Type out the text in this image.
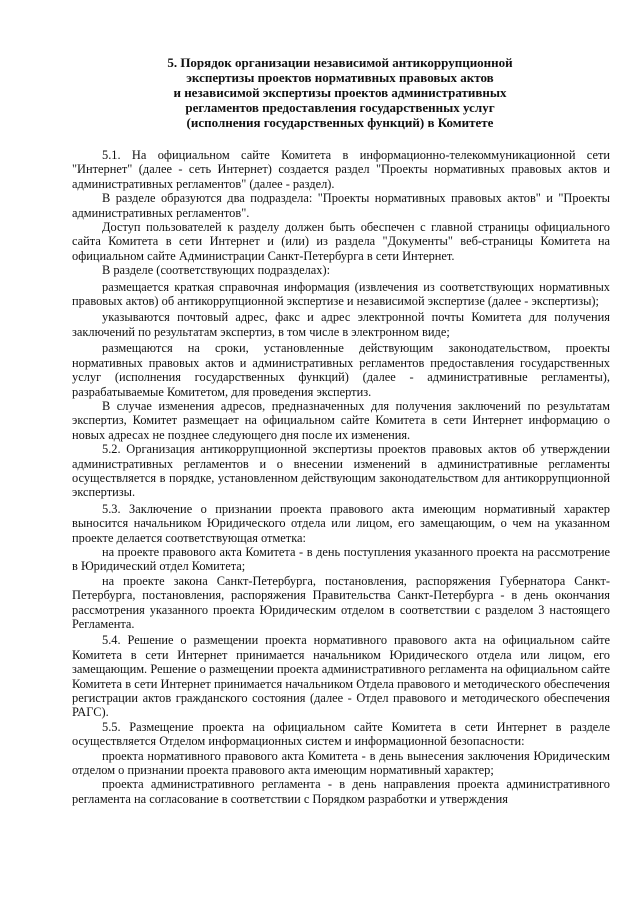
5. Порядок организации независимой антикоррупционной
экспертизы проектов нормативных правовых актов
и независимой экспертизы проектов административных
регламентов предоставления государственных услуг
(исполнения государственных функций) в Комитете

5.1. На официальном сайте Комитета в информационно-телекоммуникационной сети "Интернет" (далее - сеть Интернет) создается раздел "Проекты нормативных правовых актов и административных регламентов" (далее - раздел).

В разделе образуются два подраздела: "Проекты нормативных правовых актов" и "Проекты административных регламентов".

Доступ пользователей к разделу должен быть обеспечен с главной страницы официального сайта Комитета в сети Интернет и (или) из раздела "Документы" веб-страницы Комитета на официальном сайте Администрации Санкт-Петербурга в сети Интернет.

В разделе (соответствующих подразделах):

размещается краткая справочная информация (извлечения из соответствующих нормативных правовых актов) об антикоррупционной экспертизе и независимой экспертизе (далее - экспертизы);

указываются почтовый адрес, факс и адрес электронной почты Комитета для получения заключений по результатам экспертиз, в том числе в электронном виде;

размещаются на сроки, установленные действующим законодательством, проекты нормативных правовых актов и административных регламентов предоставления государственных услуг (исполнения государственных функций) (далее - административные регламенты), разрабатываемые Комитетом, для проведения экспертиз.

В случае изменения адресов, предназначенных для получения заключений по результатам экспертиз, Комитет размещает на официальном сайте Комитета в сети Интернет информацию о новых адресах не позднее следующего дня после их изменения.

5.2. Организация антикоррупционной экспертизы проектов правовых актов об утверждении административных регламентов и о внесении изменений в административные регламенты осуществляется в порядке, установленном действующим законодательством для антикоррупционной экспертизы.

5.3. Заключение о признании проекта правового акта имеющим нормативный характер выносится начальником Юридического отдела или лицом, его замещающим, о чем на указанном проекте делается соответствующая отметка:

на проекте правового акта Комитета - в день поступления указанного проекта на рассмотрение в Юридический отдел Комитета;

на проекте закона Санкт-Петербурга, постановления, распоряжения Губернатора Санкт-Петербурга, постановления, распоряжения Правительства Санкт-Петербурга - в день окончания рассмотрения указанного проекта Юридическим отделом в соответствии с разделом 3 настоящего Регламента.

5.4. Решение о размещении проекта нормативного правового акта на официальном сайте Комитета в сети Интернет принимается начальником Юридического отдела или лицом, его замещающим. Решение о размещении проекта административного регламента на официальном сайте Комитета в сети Интернет принимается начальником Отдела правового и методического обеспечения регистрации актов гражданского состояния (далее - Отдел правового и методического обеспечения РАГС).

5.5. Размещение проекта на официальном сайте Комитета в сети Интернет в разделе осуществляется Отделом информационных систем и информационной безопасности:

проекта нормативного правового акта Комитета - в день вынесения заключения Юридическим отделом о признании проекта правового акта имеющим нормативный характер;

проекта административного регламента - в день направления проекта административного регламента на согласование в соответствии с Порядком разработки и утверждения
